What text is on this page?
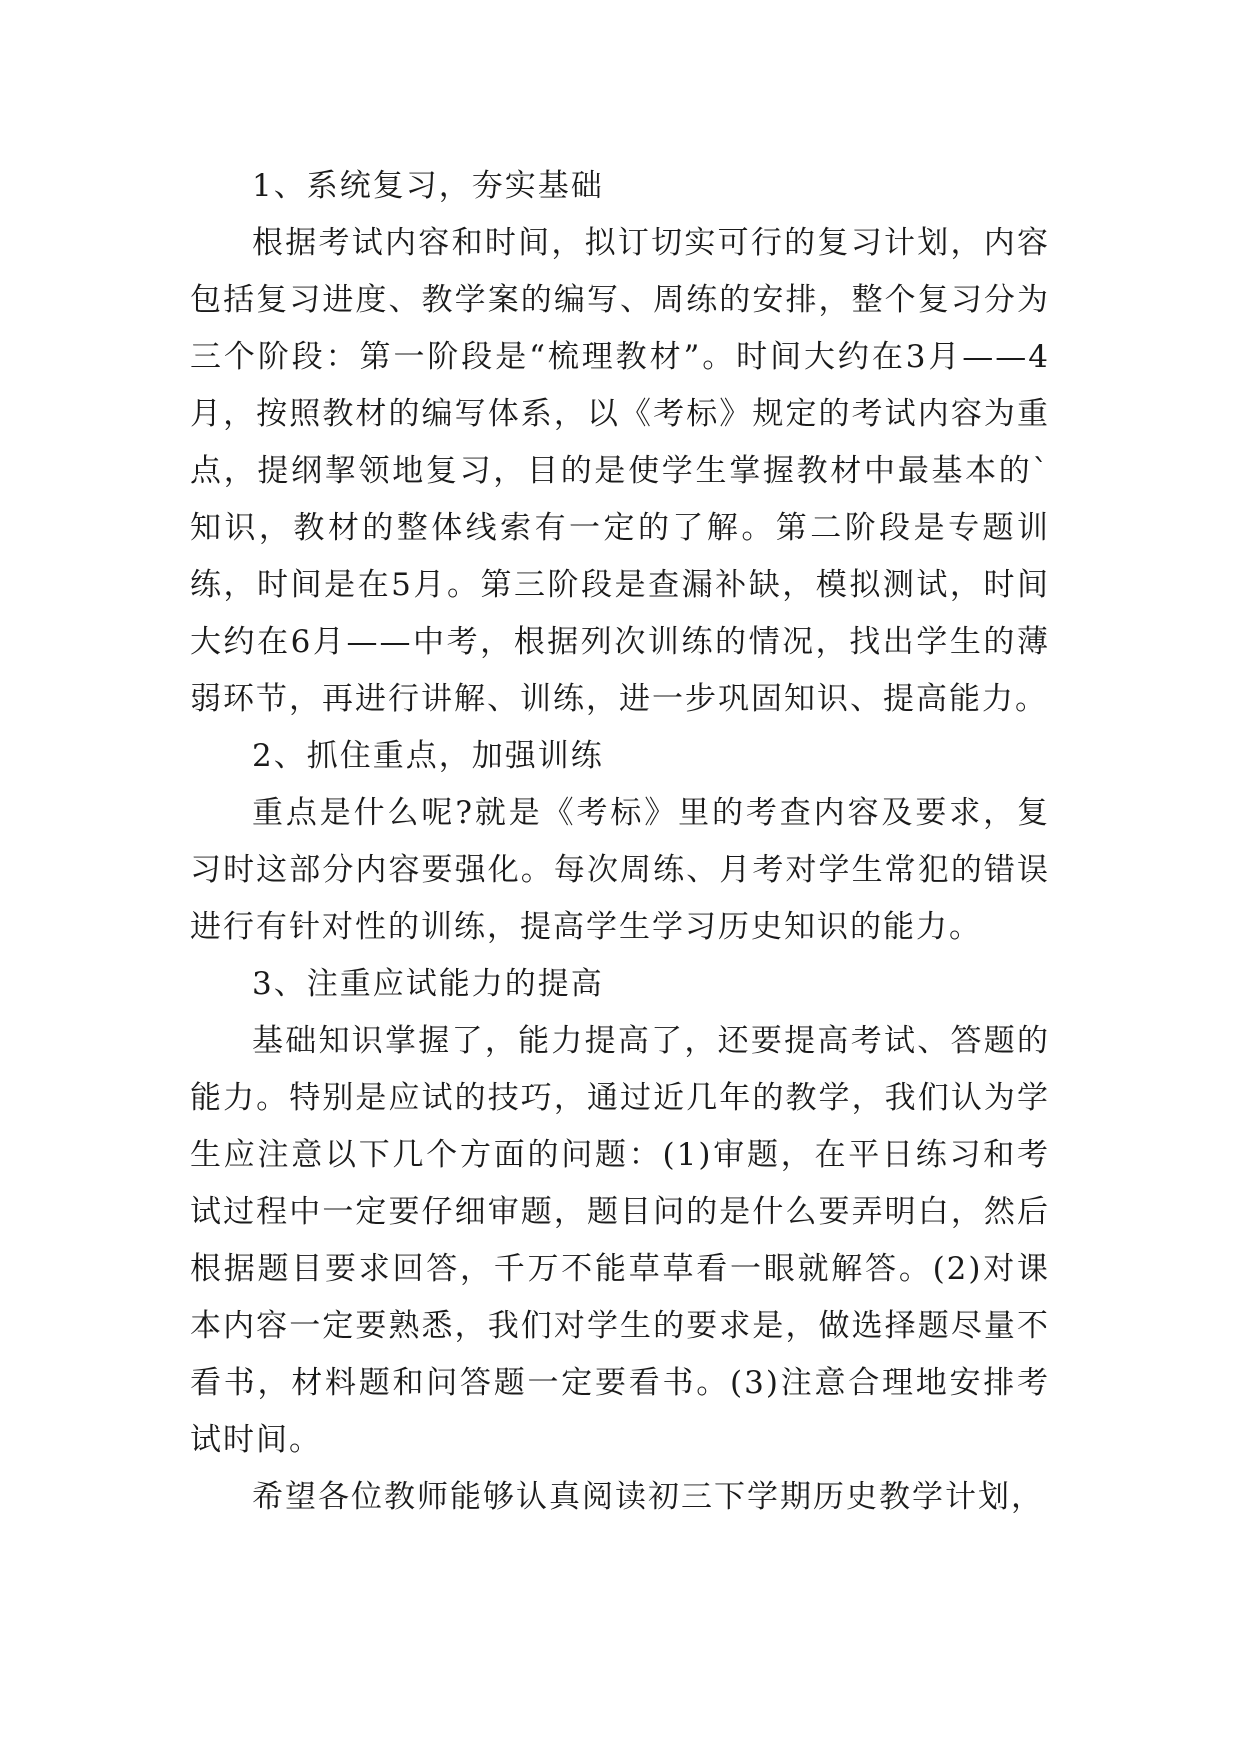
1、系统复习，夯实基础

根据考试内容和时间，拟订切实可行的复习计划，内容包括复习进度、教学案的编写、周练的安排，整个复习分为三个阶段：第一阶段是“梳理教材”。时间大约在3月——4月，按照教材的编写体系，以《考标》规定的考试内容为重点，提纲挈领地复习，目的是使学生掌握教材中最基本的`知识，教材的整体线索有一定的了解。第二阶段是专题训练，时间是在5月。第三阶段是查漏补缺，模拟测试，时间大约在6月——中考，根据列次训练的情况，找出学生的薄弱环节，再进行讲解、训练，进一步巩固知识、提高能力。

2、抓住重点，加强训练

重点是什么呢?就是《考标》里的考查内容及要求，复习时这部分内容要强化。每次周练、月考对学生常犯的错误进行有针对性的训练，提高学生学习历史知识的能力。

3、注重应试能力的提高

基础知识掌握了，能力提高了，还要提高考试、答题的能力。特别是应试的技巧，通过近几年的教学，我们认为学生应注意以下几个方面的问题：(1)审题，在平日练习和考试过程中一定要仔细审题，题目问的是什么要弄明白，然后根据题目要求回答，千万不能草草看一眼就解答。(2)对课本内容一定要熟悉，我们对学生的要求是，做选择题尽量不看书，材料题和问答题一定要看书。(3)注意合理地安排考试时间。

希望各位教师能够认真阅读初三下学期历史教学计划，
